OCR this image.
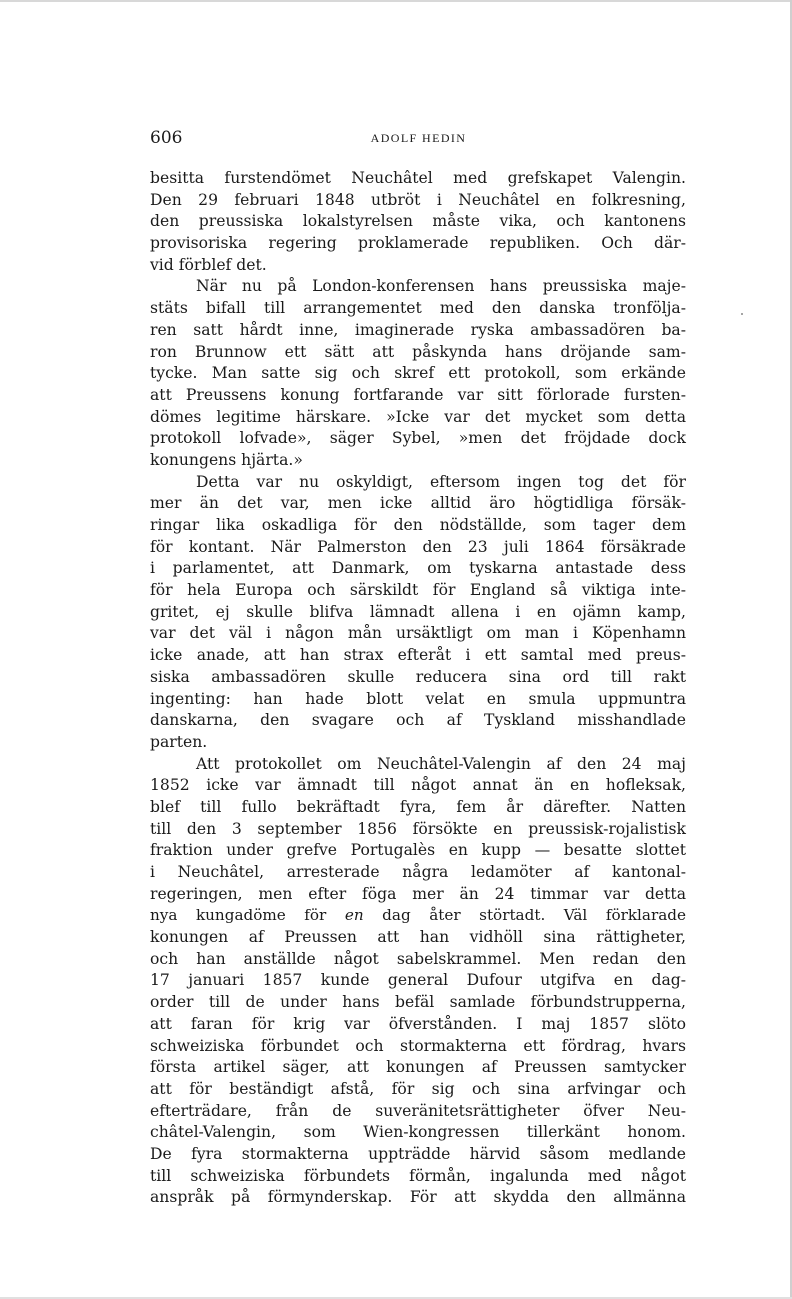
606	ADOLF HEDIN
besitta furstendömet Neuchâtel med grefskapet Valengin.
Den 29 februari 1848 utbröt i Neuchâtel en folkresning,
den preussiska lokalstyrelsen måste vika, och kantonens
provisoriska regering proklamerade republiken. Och där-
vid förblef det.
När nu på London-konferensen hans preussiska maje-
stäts bifall till arrangementet med den danska tronfölja-
ren satt hårdt inne, imaginerade ryska ambassadören ba-
ron Brunnow ett sätt att påskynda hans dröjande sam-
tycke. Man satte sig och skref ett protokoll, som erkände
att Preussens konung fortfarande var sitt förlorade fursten-
dömes legitime härskare. »Icke var det mycket som detta
protokoll lofvade», säger Sybel, »men det fröjdade dock
konungens hjärta.»
Detta var nu oskyldigt, eftersom ingen tog det för
mer än det var, men icke alltid äro högtidliga försäk-
ringar lika oskadliga för den nödställde, som tager dem
för kontant. När Palmerston den 23 juli 1864 försäkrade
i parlamentet, att Danmark, om tyskarna antastade dess
för hela Europa och särskildt för England så viktiga inte-
gritet, ej skulle blifva lämnadt allena i en ojämn kamp,
var det väl i någon mån ursäktligt om man i Köpenhamn
icke anade, att han strax efteråt i ett samtal med preus-
siska ambassadören skulle reducera sina ord till rakt
ingenting: han hade blott velat en smula uppmuntra
danskarna, den svagare och af Tyskland misshandlade
parten.
Att protokollet om Neuchâtel-Valengin af den 24 maj
1852 icke var ämnadt till något annat än en hofleksak,
blef till fullo bekräftadt fyra, fem år därefter. Natten
till den 3 september 1856 försökte en preussisk-rojalistisk
fraktion under grefve Portugalès en kupp — besatte slottet
i Neuchâtel, arresterade några ledamöter af kantonal-
regeringen, men efter föga mer än 24 timmar var detta
nya kungadöme för en dag åter störtadt. Väl förklarade
konungen af Preussen att han vidhöll sina rättigheter,
och han anställde något sabelskrammel. Men redan den
17 januari 1857 kunde general Dufour utgifva en dag-
order till de under hans befäl samlade förbundstrupperna,
att faran för krig var öfverstånden. I maj 1857 slöto
schweiziska förbundet och stormakterna ett fördrag, hvars
första artikel säger, att konungen af Preussen samtycker
att för beständigt afstå, för sig och sina arfvingar och
efterträdare, från de suveränitetsrättigheter öfver Neu-
châtel-Valengin, som Wien-kongressen tillerkänt honom.
De fyra stormakterna uppträdde härvid såsom medlande
till schweiziska förbundets förmån, ingalunda med något
anspråk på förmynderskap. För att skydda den allmänna
